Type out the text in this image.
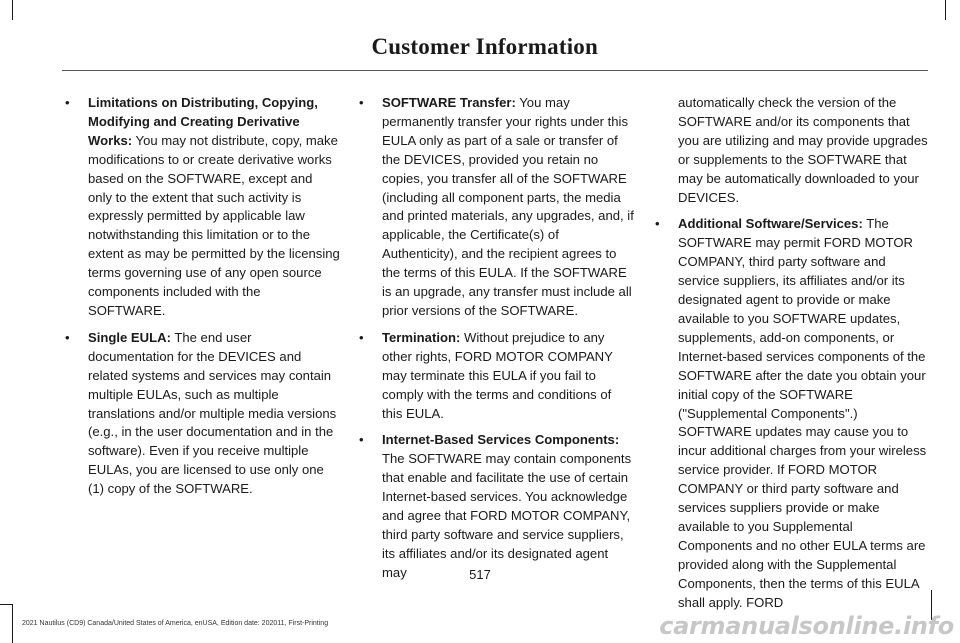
Customer Information
• Limitations on Distributing, Copying, Modifying and Creating Derivative Works: You may not distribute, copy, make modifications to or create derivative works based on the SOFTWARE, except and only to the extent that such activity is expressly permitted by applicable law notwithstanding this limitation or to the extent as may be permitted by the licensing terms governing use of any open source components included with the SOFTWARE.
• Single EULA: The end user documentation for the DEVICES and related systems and services may contain multiple EULAs, such as multiple translations and/or multiple media versions (e.g., in the user documentation and in the software). Even if you receive multiple EULAs, you are licensed to use only one (1) copy of the SOFTWARE.
• SOFTWARE Transfer: You may permanently transfer your rights under this EULA only as part of a sale or transfer of the DEVICES, provided you retain no copies, you transfer all of the SOFTWARE (including all component parts, the media and printed materials, any upgrades, and, if applicable, the Certificate(s) of Authenticity), and the recipient agrees to the terms of this EULA. If the SOFTWARE is an upgrade, any transfer must include all prior versions of the SOFTWARE.
• Termination: Without prejudice to any other rights, FORD MOTOR COMPANY may terminate this EULA if you fail to comply with the terms and conditions of this EULA.
• Internet-Based Services Components: The SOFTWARE may contain components that enable and facilitate the use of certain Internet-based services. You acknowledge and agree that FORD MOTOR COMPANY, third party software and service suppliers, its affiliates and/or its designated agent may
automatically check the version of the SOFTWARE and/or its components that you are utilizing and may provide upgrades or supplements to the SOFTWARE that may be automatically downloaded to your DEVICES.
• Additional Software/Services: The SOFTWARE may permit FORD MOTOR COMPANY, third party software and service suppliers, its affiliates and/or its designated agent to provide or make available to you SOFTWARE updates, supplements, add-on components, or Internet-based services components of the SOFTWARE after the date you obtain your initial copy of the SOFTWARE ("Supplemental Components".) SOFTWARE updates may cause you to incur additional charges from your wireless service provider. If FORD MOTOR COMPANY or third party software and services suppliers provide or make available to you Supplemental Components and no other EULA terms are provided along with the Supplemental Components, then the terms of this EULA shall apply. FORD
517
2021 Nautilus (CD9) Canada/United States of America, enUSA, Edition date: 202011, First-Printing	carmanualsonline.info
